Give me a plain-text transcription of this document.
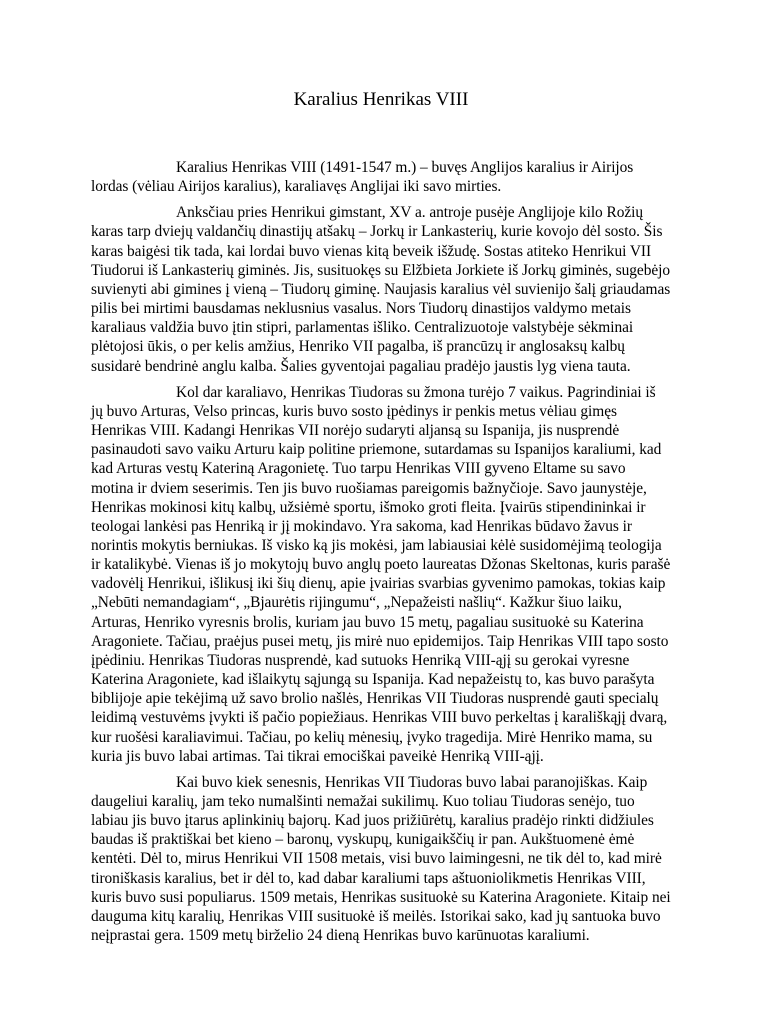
Karalius Henrikas VIII

Karalius Henrikas VIII (1491-1547 m.) – buvęs Anglijos karalius ir Airijos lordas (vėliau Airijos karalius), karaliavęs Anglijai iki savo mirties.

Anksčiau pries Henrikui gimstant, XV a. antroje pusėje Anglijoje kilo Rožių karas tarp dviejų valdančių dinastijų atšakų – Jorkų ir Lankasterių, kurie kovojo dėl sosto. Šis karas baigėsi tik tada, kai lordai buvo vienas kitą beveik išžudę. Sostas atiteko Henrikui VII Tiudorui iš Lankasterių giminės. Jis, susituokęs su Elžbieta Jorkiete iš Jorkų giminės, sugebėjo suvienyti abi gimines į vieną – Tiudorų giminę. Naujasis karalius vėl suvienijo šalį griaudamas pilis bei mirtimi bausdamas neklusnius vasalus. Nors Tiudorų dinastijos valdymo metais karaliaus valdžia buvo įtin stipri, parlamentas išliko. Centralizuotoje valstybėje sėkminai plėtojosi ūkis, o per kelis amžius, Henriko VII pagalba, iš prancūzų ir anglosaksų kalbų susidarė bendrinė anglu kalba. Šalies gyventojai pagaliau pradėjo jaustis lyg viena tauta.

Kol dar karaliavo, Henrikas Tiudoras su žmona turėjo 7 vaikus. Pagrindiniai iš jų buvo Arturas, Velso princas, kuris buvo sosto įpėdinys ir penkis metus vėliau gimęs Henrikas VIII. Kadangi Henrikas VII norėjo sudaryti aljansą su Ispanija, jis nusprendė pasinaudoti savo vaiku Arturu kaip politine priemone, sutardamas su Ispanijos karaliumi, kad kad Arturas vestų Kateriną Aragonietę. Tuo tarpu Henrikas VIII gyveno Eltame su savo motina ir dviem seserimis. Ten jis buvo ruošiamas pareigomis bažnyčioje. Savo jaunystėje, Henrikas mokinosi kitų kalbų, užsiėmė sportu, išmoko groti fleita. Įvairūs stipendininkai ir teologai lankėsi pas Henriką ir jį mokindavo. Yra sakoma, kad Henrikas būdavo žavus ir norintis mokytis berniukas. Iš visko ką jis mokėsi, jam labiausiai kėlė susidomėjimą teologija ir katalikybė. Vienas iš jo mokytojų buvo anglų poeto laureatas Džonas Skeltonas, kuris parašė vadovėlį Henrikui, išlikusį iki šių dienų, apie įvairias svarbias gyvenimo pamokas, tokias kaip „Nebūti nemandagiam“, „Bjaurėtis rijingumu“, „Nepažeisti našlių“. Kažkur šiuo laiku, Arturas, Henriko vyresnis brolis, kuriam jau buvo 15 metų, pagaliau susituokė su Katerina Aragoniete. Tačiau, praėjus pusei metų, jis mirė nuo epidemijos. Taip Henrikas VIII tapo sosto įpėdiniu. Henrikas Tiudoras nusprendė, kad sutuoks Henriką VIII-ąjį su gerokai vyresne Katerina Aragoniete, kad išlaikytų sąjungą su Ispanija. Kad nepažeistų to, kas buvo parašyta biblijoje apie tekėjimą už savo brolio našlės, Henrikas VII Tiudoras nusprendė gauti specialų leidimą vestuvėms įvykti iš pačio popiežiaus. Henrikas VIII buvo perkeltas į karališkąjį dvarą, kur ruošėsi karaliavimui. Tačiau, po kelių mėnesių, įvyko tragedija. Mirė Henriko mama, su kuria jis buvo labai artimas. Tai tikrai emociškai paveikė Henriką VIII-ąjį.

Kai buvo kiek senesnis, Henrikas VII Tiudoras buvo labai paranojiškas. Kaip daugeliui karalių, jam teko numalšinti nemažai sukilimų. Kuo toliau Tiudoras senėjo, tuo labiau jis buvo įtarus aplinkinių bajorų. Kad juos prižiūrėtų, karalius pradėjo rinkti didžiules baudas iš praktiškai bet kieno – baronų, vyskupų, kunigaikščių ir pan. Aukštuomenė ėmė kentėti. Dėl to, mirus Henrikui VII 1508 metais, visi buvo laimingesni, ne tik dėl to, kad mirė tironiškasis karalius, bet ir dėl to, kad dabar karaliumi taps aštuoniolikmetis Henrikas VIII, kuris buvo susi populiarus. 1509 metais, Henrikas susituokė su Katerina Aragoniete. Kitaip nei dauguma kitų karalių, Henrikas VIII susituokė iš meilės. Istorikai sako, kad jų santuoka buvo neįprastai gera. 1509 metų birželio 24 dieną Henrikas buvo karūnuotas karaliumi.
